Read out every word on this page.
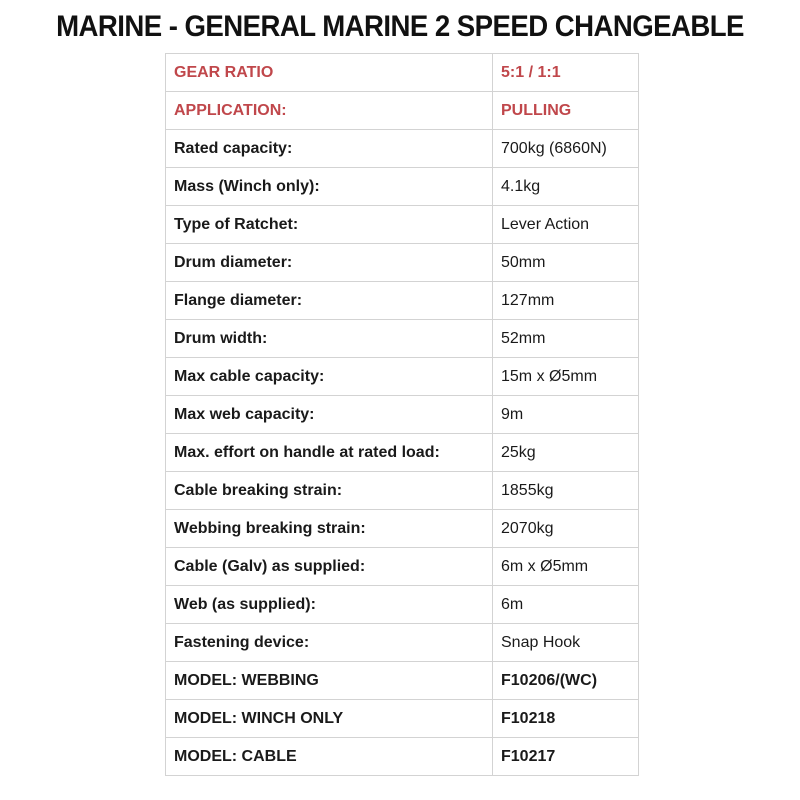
MARINE - GENERAL MARINE 2 SPEED CHANGEABLE
GEAR RATIO	5:1 / 1:1
APPLICATION:	PULLING
Rated capacity:	700kg (6860N)
Mass (Winch only):	4.1kg
Type of Ratchet:	Lever Action
Drum diameter:	50mm
Flange diameter:	127mm
Drum width:	52mm
Max cable capacity:	15m x Ø5mm
Max web capacity:	9m
Max. effort on handle at rated load:	25kg
Cable breaking strain:	1855kg
Webbing breaking strain:	2070kg
Cable (Galv) as supplied:	6m x Ø5mm
Web (as supplied):	6m
Fastening device:	Snap Hook
MODEL: WEBBING	F10206/(WC)
MODEL: WINCH ONLY	F10218
MODEL: CABLE	F10217
